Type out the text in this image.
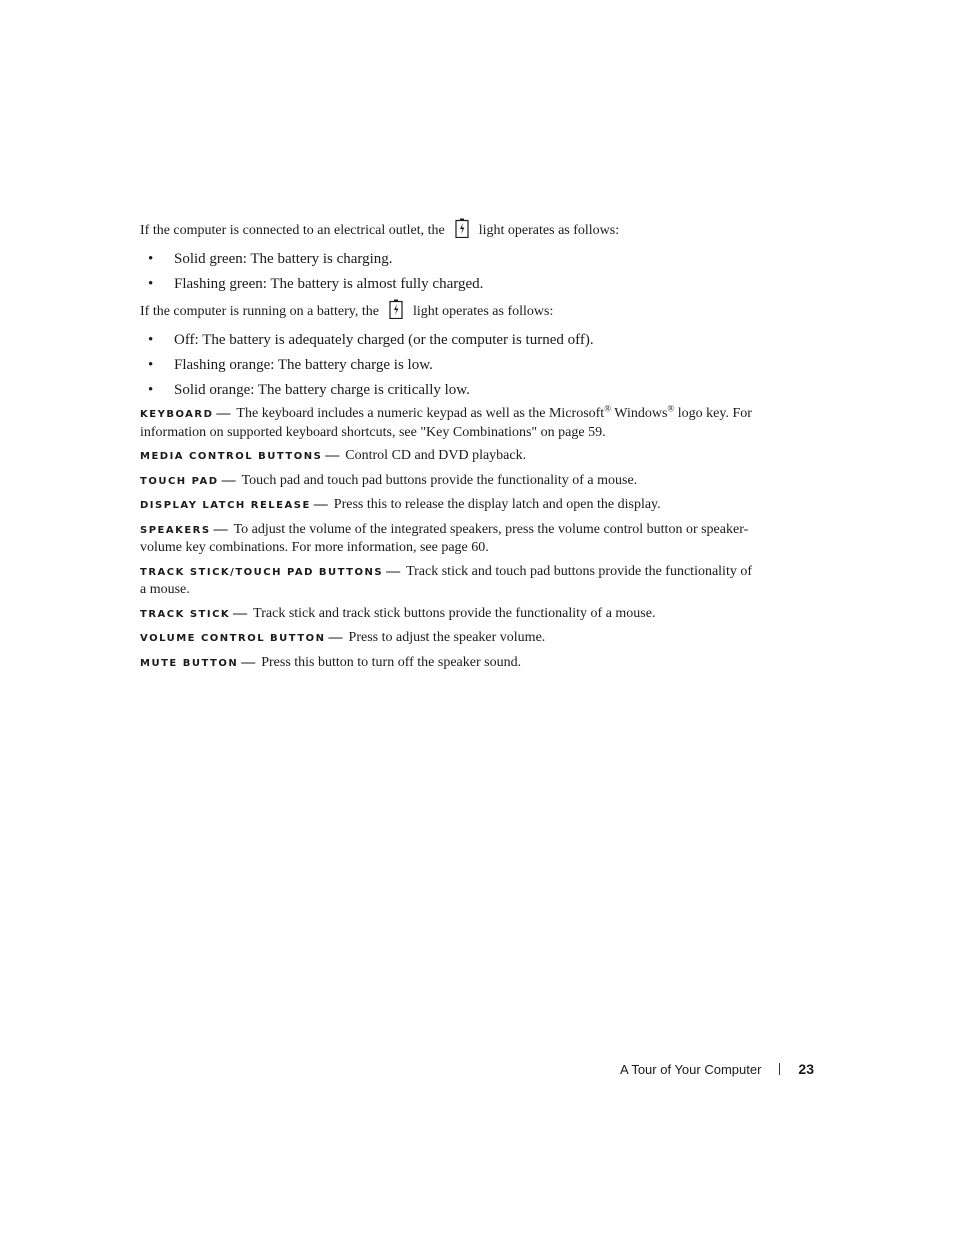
If the computer is connected to an electrical outlet, the light operates as follows:

• Solid green: The battery is charging.
• Flashing green: The battery is almost fully charged.

If the computer is running on a battery, the light operates as follows:

• Off: The battery is adequately charged (or the computer is turned off).
• Flashing orange: The battery charge is low.
• Solid orange: The battery charge is critically low.

KEYBOARD — The keyboard includes a numeric keypad as well as the Microsoft® Windows® logo key. For information on supported keyboard shortcuts, see "Key Combinations" on page 59.

MEDIA CONTROL BUTTONS — Control CD and DVD playback.

TOUCH PAD — Touch pad and touch pad buttons provide the functionality of a mouse.

DISPLAY LATCH RELEASE — Press this to release the display latch and open the display.

SPEAKERS — To adjust the volume of the integrated speakers, press the volume control button or speaker-volume key combinations. For more information, see page 60.

TRACK STICK/TOUCH PAD BUTTONS — Track stick and touch pad buttons provide the functionality of a mouse.

TRACK STICK — Track stick and track stick buttons provide the functionality of a mouse.

VOLUME CONTROL BUTTON — Press to adjust the speaker volume.

MUTE BUTTON — Press this button to turn off the speaker sound.

A Tour of Your Computer	23
